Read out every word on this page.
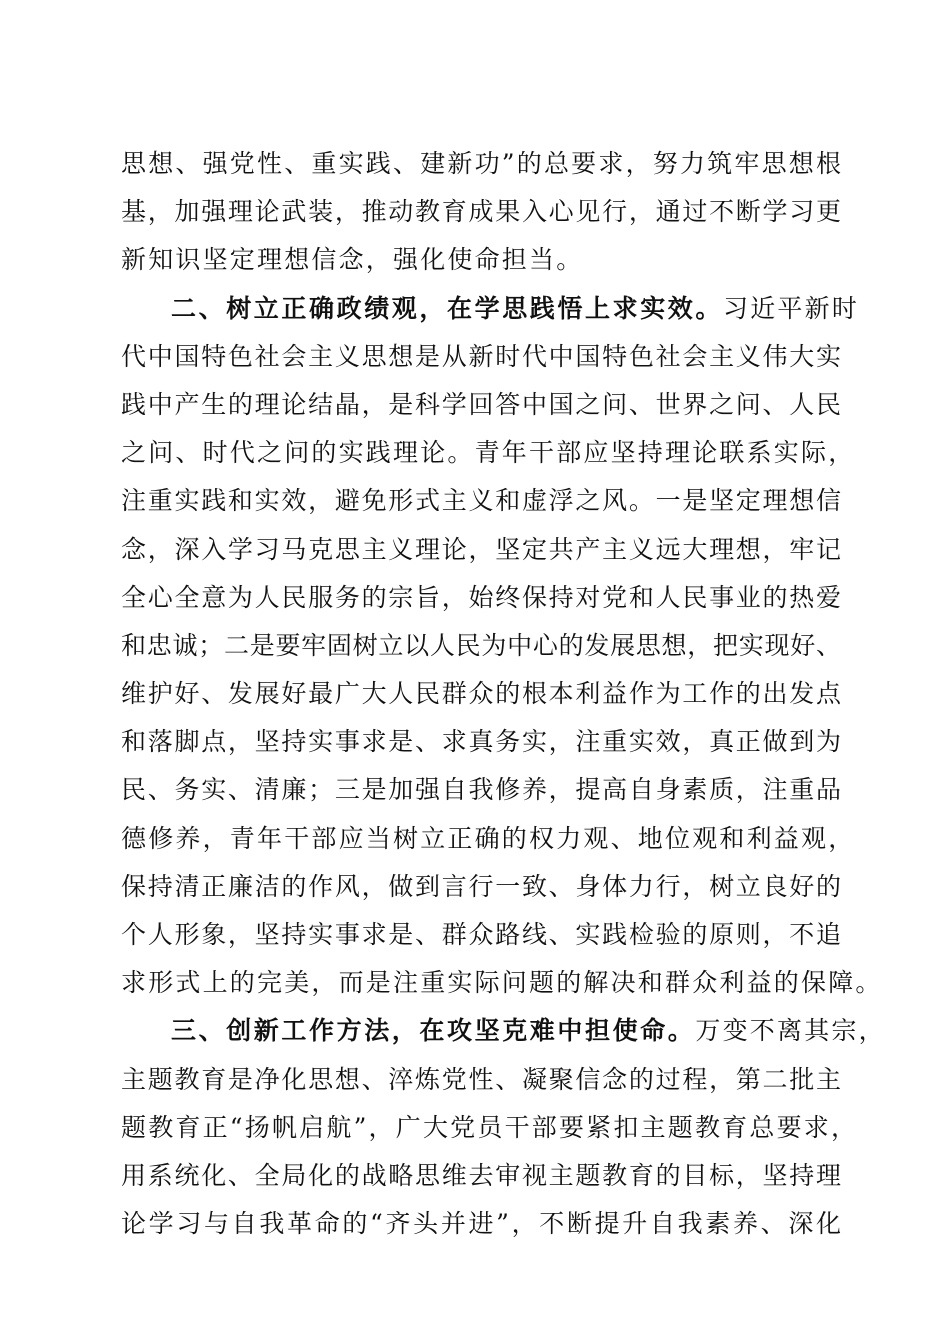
思想、强党性、重实践、建新功”的总要求，努力筑牢思想根
基，加强理论武装，推动教育成果入心见行，通过不断学习更
新知识坚定理想信念，强化使命担当。
二、树立正确政绩观，在学思践悟上求实效。习近平新时
代中国特色社会主义思想是从新时代中国特色社会主义伟大实
践中产生的理论结晶，是科学回答中国之问、世界之问、人民
之问、时代之问的实践理论。青年干部应坚持理论联系实际，
注重实践和实效，避免形式主义和虚浮之风。一是坚定理想信
念，深入学习马克思主义理论，坚定共产主义远大理想，牢记
全心全意为人民服务的宗旨，始终保持对党和人民事业的热爱
和忠诚；二是要牢固树立以人民为中心的发展思想，把实现好、
维护好、发展好最广大人民群众的根本利益作为工作的出发点
和落脚点，坚持实事求是、求真务实，注重实效，真正做到为
民、务实、清廉；三是加强自我修养，提高自身素质，注重品
德修养，青年干部应当树立正确的权力观、地位观和利益观，
保持清正廉洁的作风，做到言行一致、身体力行，树立良好的
个人形象，坚持实事求是、群众路线、实践检验的原则，不追
求形式上的完美，而是注重实际问题的解决和群众利益的保障。
三、创新工作方法，在攻坚克难中担使命。万变不离其宗，
主题教育是净化思想、淬炼党性、凝聚信念的过程，第二批主
题教育正“扬帆启航”，广大党员干部要紧扣主题教育总要求，
用系统化、全局化的战略思维去审视主题教育的目标，坚持理
论学习与自我革命的“齐头并进”，不断提升自我素养、深化
